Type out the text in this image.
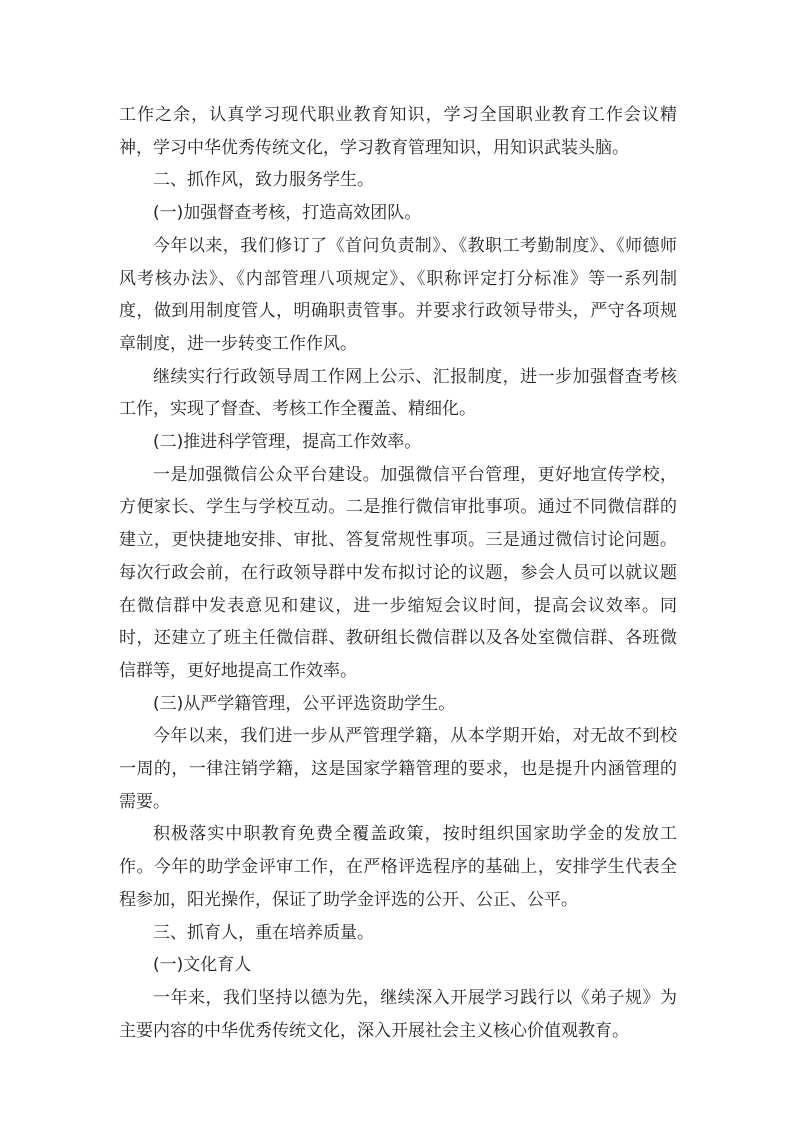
工作之余，认真学习现代职业教育知识，学习全国职业教育工作会议精神，学习中华优秀传统文化，学习教育管理知识，用知识武装头脑。

二、抓作风，致力服务学生。

(一)加强督查考核，打造高效团队。

今年以来，我们修订了《首问负责制》、《教职工考勤制度》、《师德师风考核办法》、《内部管理八项规定》、《职称评定打分标准》等一系列制度，做到用制度管人，明确职责管事。并要求行政领导带头，严守各项规章制度，进一步转变工作作风。

继续实行行政领导周工作网上公示、汇报制度，进一步加强督查考核工作，实现了督查、考核工作全覆盖、精细化。

(二)推进科学管理，提高工作效率。

一是加强微信公众平台建设。加强微信平台管理，更好地宣传学校，方便家长、学生与学校互动。二是推行微信审批事项。通过不同微信群的建立，更快捷地安排、审批、答复常规性事项。三是通过微信讨论问题。每次行政会前，在行政领导群中发布拟讨论的议题，参会人员可以就议题在微信群中发表意见和建议，进一步缩短会议时间，提高会议效率。同时，还建立了班主任微信群、教研组长微信群以及各处室微信群、各班微信群等，更好地提高工作效率。

(三)从严学籍管理，公平评选资助学生。

今年以来，我们进一步从严管理学籍，从本学期开始，对无故不到校一周的，一律注销学籍，这是国家学籍管理的要求，也是提升内涵管理的需要。

积极落实中职教育免费全覆盖政策，按时组织国家助学金的发放工作。今年的助学金评审工作，在严格评选程序的基础上，安排学生代表全程参加，阳光操作，保证了助学金评选的公开、公正、公平。

三、抓育人，重在培养质量。

(一)文化育人

一年来，我们坚持以德为先，继续深入开展学习践行以《弟子规》为主要内容的中华优秀传统文化，深入开展社会主义核心价值观教育。
